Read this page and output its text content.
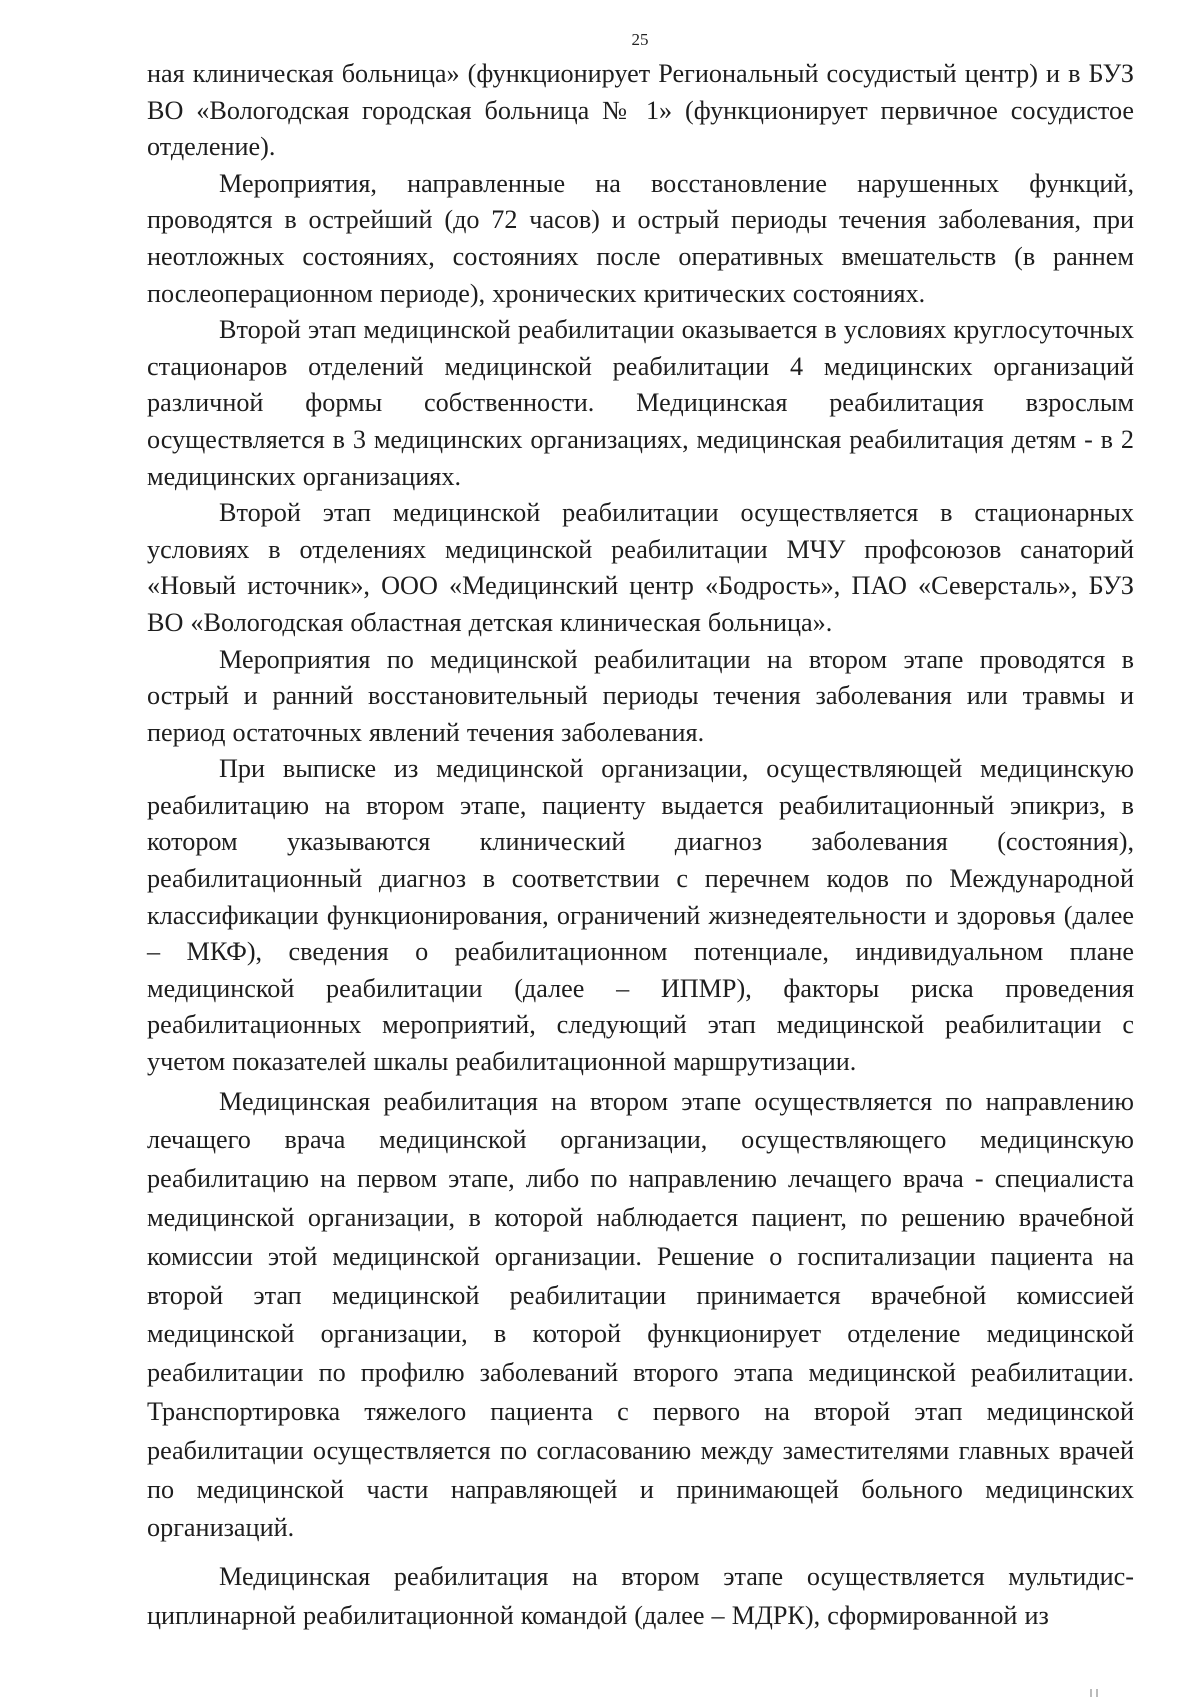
25

ная клиническая больница» (функционирует Региональный сосудистый центр) и в БУЗ ВО «Вологодская городская больница № 1» (функционирует первичное сосудистое отделение).

Мероприятия, направленные на восстановление нарушенных функций, проводятся в острейший (до 72 часов) и острый периоды течения заболевания, при неотложных состояниях, состояниях после оперативных вмешательств (в раннем послеоперационном периоде), хронических критических состояниях.

Второй этап медицинской реабилитации оказывается в условиях круглосуточных стационаров отделений медицинской реабилитации 4 медицинских организаций различной формы собственности. Медицинская реабилитация взрослым осуществляется в 3 медицинских организациях, медицинская реабилитация детям - в 2 медицинских организациях.

Второй этап медицинской реабилитации осуществляется в стационарных условиях в отделениях медицинской реабилитации МЧУ профсоюзов санаторий «Новый источник», ООО «Медицинский центр «Бодрость», ПАО «Северсталь», БУЗ ВО «Вологодская областная детская клиническая больница».

Мероприятия по медицинской реабилитации на втором этапе проводятся в острый и ранний восстановительный периоды течения заболевания или травмы и период остаточных явлений течения заболевания.

При выписке из медицинской организации, осуществляющей медицинскую реабилитацию на втором этапе, пациенту выдается реабилитационный эпикриз, в котором указываются клинический диагноз заболевания (состояния), реабилитационный диагноз в соответствии с перечнем кодов по Международной классификации функционирования, ограничений жизнедеятельности и здоровья (далее – МКФ), сведения о реабилитационном потенциале, индивидуальном плане медицинской реабилитации (далее – ИПМР), факторы риска проведения реабилитационных мероприятий, следующий этап медицинской реабилитации с учетом показателей шкалы реабилитационной маршрутизации.

Медицинская реабилитация на втором этапе осуществляется по направлению лечащего врача медицинской организации, осуществляющего медицинскую реабилитацию на первом этапе, либо по направлению лечащего врача - специалиста медицинской организации, в которой наблюдается пациент, по решению врачебной комиссии этой медицинской организации. Решение о госпитализации пациента на второй этап медицинской реабилитации принимается врачебной комиссией медицинской организации, в которой функционирует отделение медицинской реабилитации по профилю заболеваний второго этапа медицинской реабилитации. Транспортировка тяжелого пациента с первого на второй этап медицинской реабилитации осуществляется по согласованию между заместителями главных врачей по медицинской части направляющей и принимающей больного медицинских организаций.

Медицинская реабилитация на втором этапе осуществляется мультидисциплинарной реабилитационной командой (далее – МДРК), сформированной из
